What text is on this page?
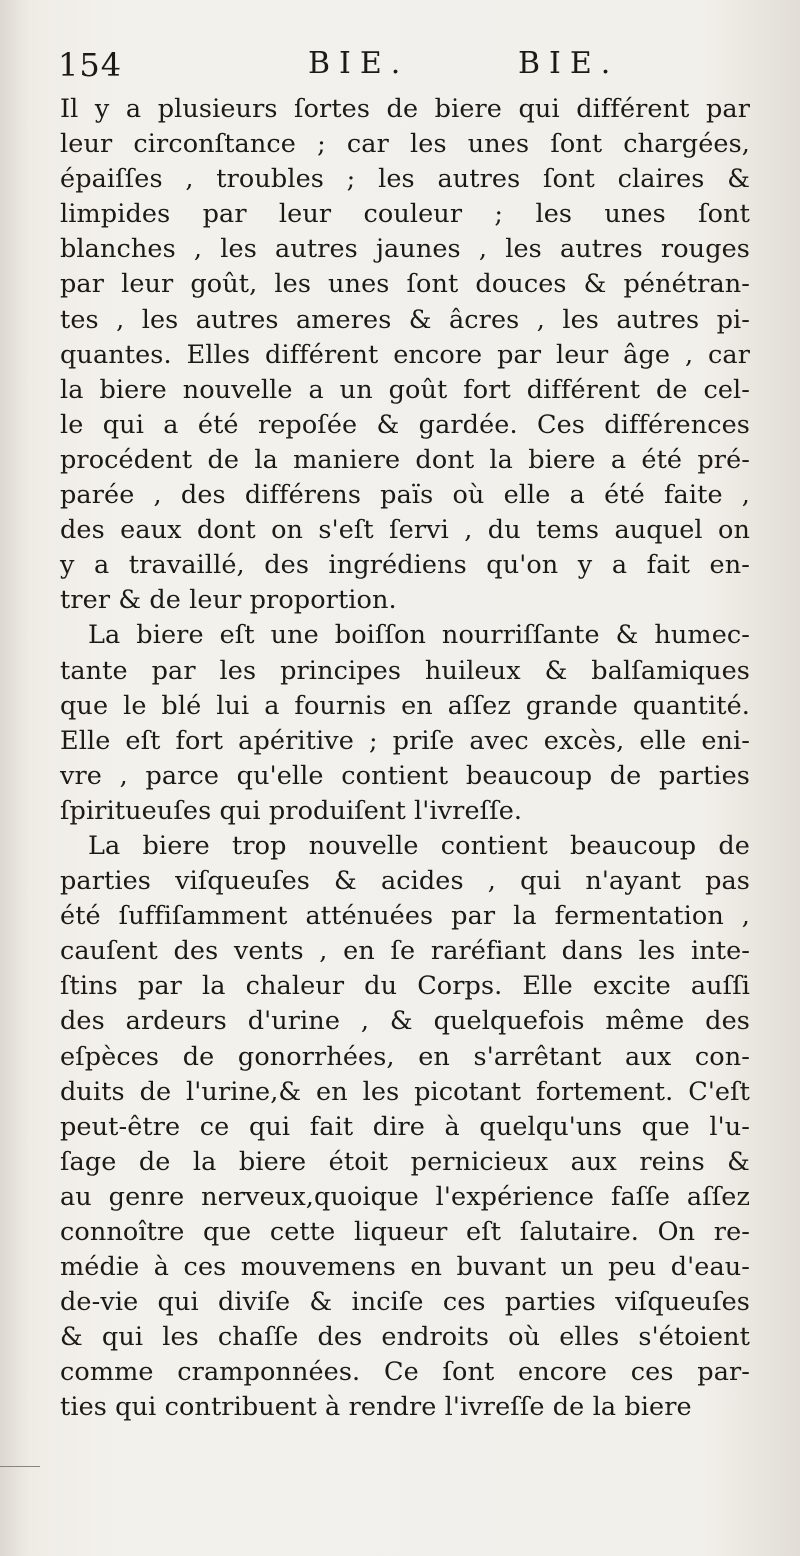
154	BIE.	BIE.
Il y a plusieurs ſortes de biere qui différent par
leur circonſtance ; car les unes ſont chargées,
épaiſſes , troubles ; les autres ſont claires &
limpides par leur couleur ; les unes ſont
blanches , les autres jaunes , les autres rouges
par leur goût, les unes ſont douces & pénétran-
tes , les autres ameres & âcres , les autres pi-
quantes. Elles différent encore par leur âge , car
la biere nouvelle a un goût fort différent de cel-
le qui a été repoſée & gardée. Ces différences
procédent de la maniere dont la biere a été pré-
parée , des différens païs où elle a été faite ,
des eaux dont on s'eſt ſervi , du tems auquel on
y a travaillé, des ingrédiens qu'on y a fait en-
trer & de leur proportion.
La biere eſt une boiſſon nourriſſante & humec-
tante par les principes huileux & balſamiques
que le blé lui a fournis en aſſez grande quantité.
Elle eſt fort apéritive ; priſe avec excès, elle eni-
vre , parce qu'elle contient beaucoup de parties
ſpiritueuſes qui produiſent l'ivreſſe.
La biere trop nouvelle contient beaucoup de
parties viſqueuſes & acides , qui n'ayant pas
été ſuffiſamment atténuées par la fermentation ,
cauſent des vents , en ſe raréfiant dans les inte-
ſtins par la chaleur du Corps. Elle excite auſſi
des ardeurs d'urine , & quelquefois même des
eſpèces de gonorrhées, en s'arrêtant aux con-
duits de l'urine,& en les picotant fortement. C'eſt
peut-être ce qui fait dire à quelqu'uns que l'u-
ſage de la biere étoit pernicieux aux reins &
au genre nerveux,quoique l'expérience faſſe aſſez
connoître que cette liqueur eſt ſalutaire. On re-
médie à ces mouvemens en buvant un peu d'eau-
de-vie qui diviſe & inciſe ces parties viſqueuſes
& qui les chaſſe des endroits où elles s'étoient
comme cramponnées. Ce ſont encore ces par-
ties qui contribuent à rendre l'ivreſſe de la biere
